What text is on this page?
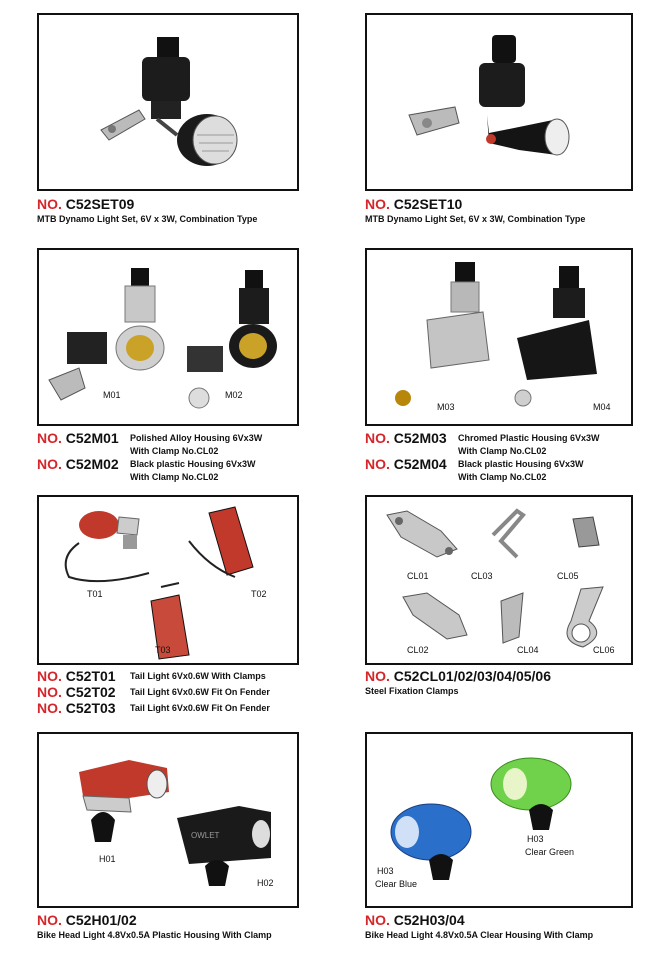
NO. C52SET09
MTB Dynamo Light Set, 6V x 3W, Combination Type
NO. C52SET10
MTB Dynamo Light Set, 6V x 3W, Combination Type
M01	M02
NO. C52M01 Polished Alloy Housing 6Vx3W
With Clamp No.CL02
NO. C52M02 Black plastic Housing 6Vx3W
With Clamp No.CL02
M03	M04
NO. C52M03 Chromed Plastic Housing 6Vx3W
With Clamp No.CL02
NO. C52M04 Black plastic Housing 6Vx3W
With Clamp No.CL02
T01	T02
T03
NO. C52T01 Tail Light 6Vx0.6W With Clamps
NO. C52T02 Tail Light 6Vx0.6W Fit On Fender
NO. C52T03 Tail Light 6Vx0.6W Fit On Fender
CL01	CL03	CL05
CL02	CL04	CL06
NO. C52CL01/02/03/04/05/06
Steel Fixation Clamps
OWLET
H01
H02
NO. C52H01/02
Bike Head Light 4.8Vx0.5A Plastic Housing With Clamp
H03
Clear Green
H03
Clear Blue
NO. C52H03/04
Bike Head Light 4.8Vx0.5A Clear Housing With Clamp
